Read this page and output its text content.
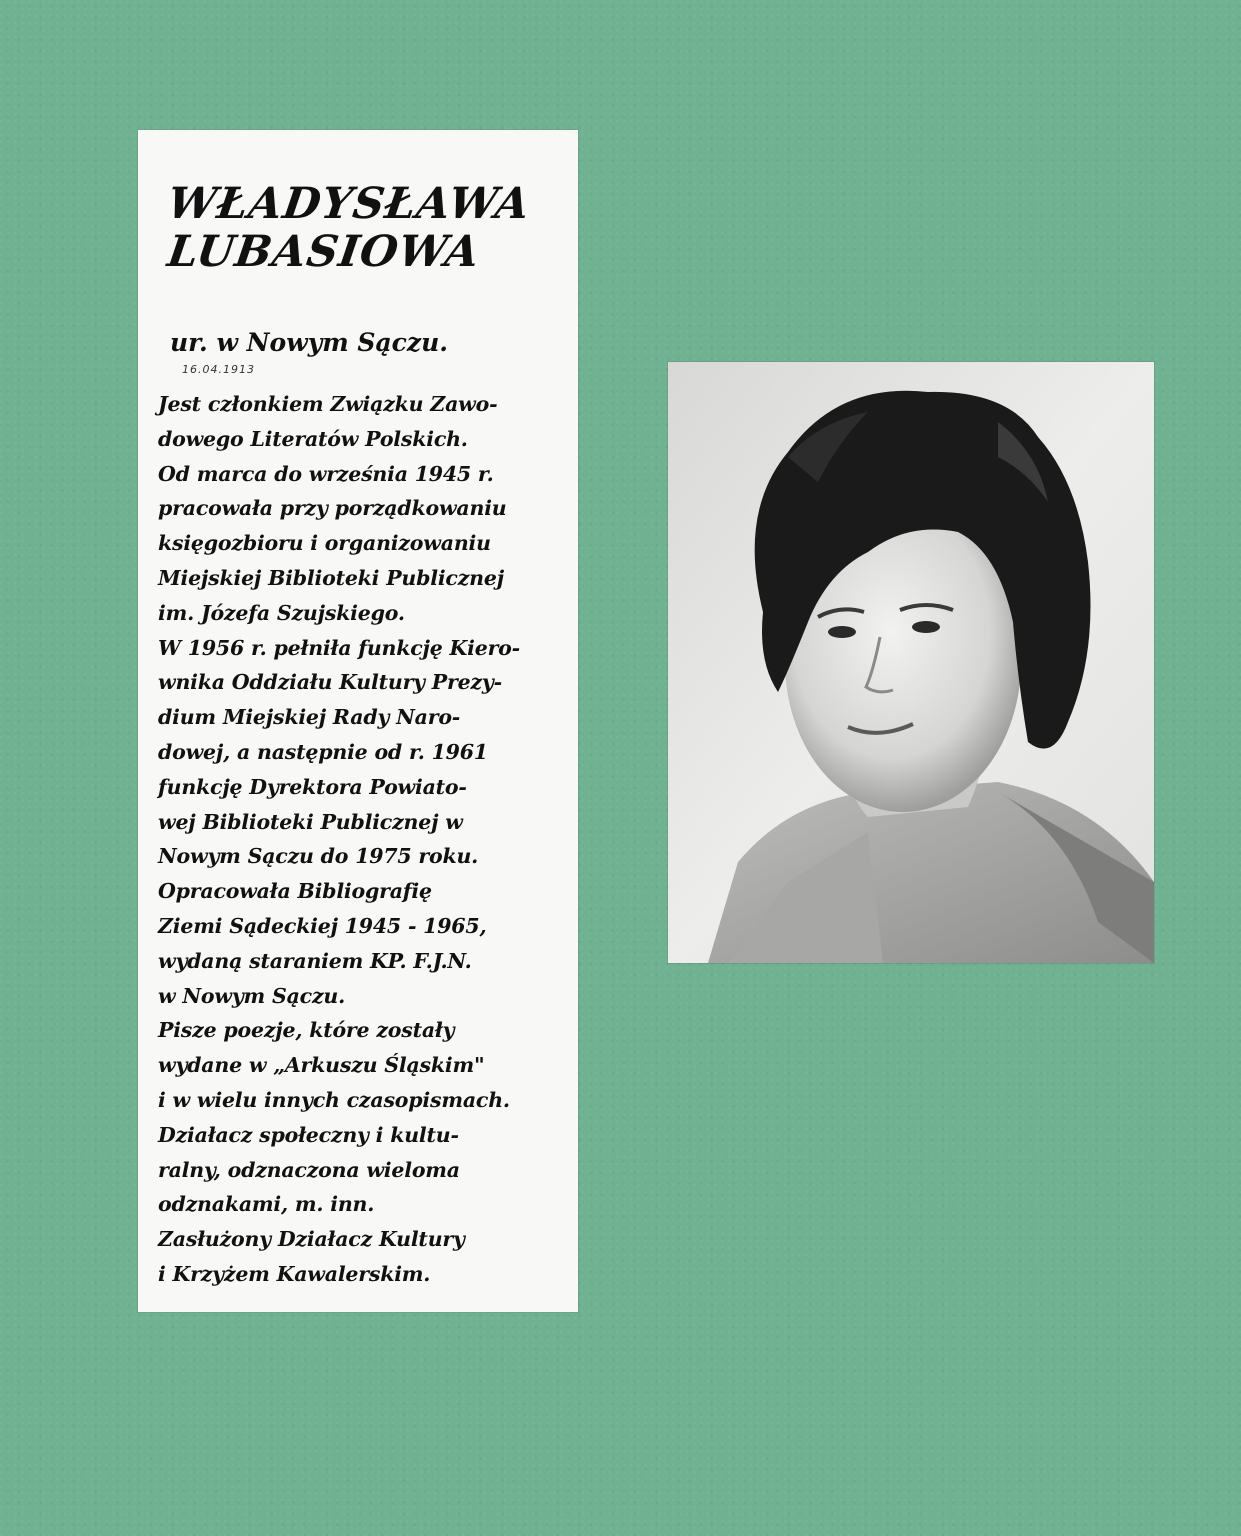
WŁADYSŁAWA
LUBASIOWA
ur. w Nowym Sączu.
16.04.1913
Jest członkiem Związku Zawo-
dowego Literatów Polskich.
Od marca do września 1945 r.
pracowała przy porządkowaniu
księgozbioru i organizowaniu
Miejskiej Biblioteki Publicznej
im. Józefa Szujskiego.
W 1956 r. pełniła funkcję Kiero-
wnika Oddziału Kultury Prezy-
dium Miejskiej Rady Naro-
dowej, a następnie od r. 1961
funkcję Dyrektora Powiato-
wej Biblioteki Publicznej w
Nowym Sączu do 1975 roku.
Opracowała Bibliografię
Ziemi Sądeckiej 1945 - 1965,
wydaną staraniem KP. F.J.N.
w Nowym Sączu.
Pisze poezje, które zostały
wydane w „Arkuszu Śląskim"
i w wielu innych czasopismach.
Działacz społeczny i kultu-
ralny, odznaczona wieloma
odznakami, m. inn.
Zasłużony Działacz Kultury
i Krzyżem Kawalerskim.
